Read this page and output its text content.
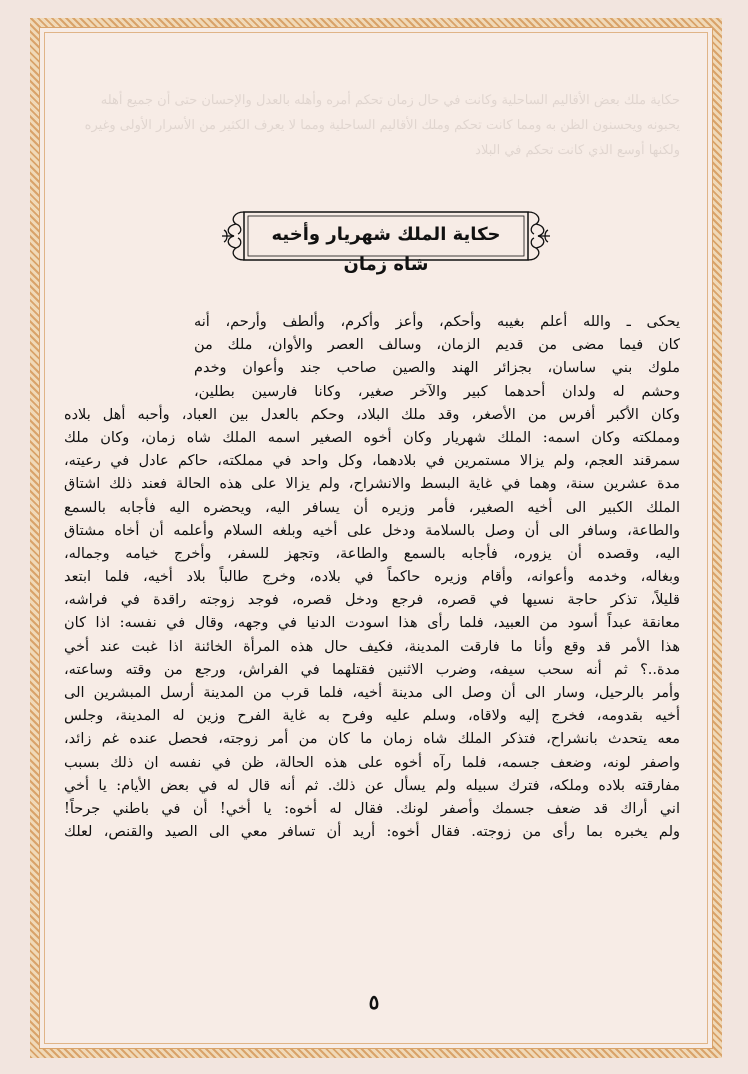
حكاية ملك بعض الأقاليم الساحلية وكانت في حال زمان تحكم أمره وأهله بالعدل والإحسان حتى أن جميع أهله يحبونه ويحسنون الظن به ومما كانت تحكم وملك الأقاليم الساحلية ومما لا يعرف الكثير من الأسرار الأولى وغيره ولكنها أوسع الذي كانت تحكم في البلاد
حكاية الملك شهريار وأخيه شاه زمان
يحكى ـ والله أعلم بغيبه وأحكم، وأعز وأكرم، وألطف وأرحم، أنه
كان فيما مضى من قديم الزمان، وسالف العصر والأوان، ملك من
ملوك بني ساسان، بجزائر الهند والصين صاحب جند وأعوان وخدم
وحشم له ولدان أحدهما كبير والآخر صغير، وكانا فارسين بطلين،
وكان الأكبر أفرس من الأصغر، وقد ملك البلاد، وحكم بالعدل بين العباد، وأحبه أهل بلاده
ومملكته وكان اسمه: الملك شهريار وكان أخوه الصغير اسمه الملك شاه زمان، وكان ملك
سمرقند العجم، ولم يزالا مستمرين في بلادهما، وكل واحد في مملكته، حاكم عادل في رعيته،
مدة عشرين سنة، وهما في غاية البسط والانشراح، ولم يزالا على هذه الحالة فعند ذلك اشتاق
الملك الكبير الى أخيه الصغير، فأمر وزيره أن يسافر اليه، ويحضره اليه فأجابه بالسمع
والطاعة، وسافر الى أن وصل بالسلامة ودخل على أخيه وبلغه السلام وأعلمه أن أخاه مشتاق
اليه، وقصده أن يزوره، فأجابه بالسمع والطاعة، وتجهز للسفر، وأخرج خيامه وجماله،
وبغاله، وخدمه وأعوانه، وأقام وزيره حاكماً في بلاده، وخرج طالباً بلاد أخيه، فلما ابتعد
قليلاً، تذكر حاجة نسيها في قصره، فرجع ودخل قصره، فوجد زوجته راقدة في فراشه،
معانقة عبداً أسود من العبيد، فلما رأى هذا اسودت الدنيا في وجهه، وقال في نفسه: اذا كان
هذا الأمر قد وقع وأنا ما فارقت المدينة، فكيف حال هذه المرأة الخائنة اذا غبت عند أخي
مدة..؟ ثم أنه سحب سيفه، وضرب الاثنين فقتلهما في الفراش، ورجع من وقته وساعته،
وأمر بالرحيل، وسار الى أن وصل الى مدينة أخيه، فلما قرب من المدينة أرسل المبشرين الى
أخيه بقدومه، فخرج إليه ولاقاه، وسلم عليه وفرح به غاية الفرح وزين له المدينة، وجلس
معه يتحدث بانشراح، فتذكر الملك شاه زمان ما كان من أمر زوجته، فحصل عنده غم زائد،
واصفر لونه، وضعف جسمه، فلما رآه أخوه على هذه الحالة، ظن في نفسه ان ذلك بسبب
مفارقته بلاده وملكه، فترك سبيله ولم يسأل عن ذلك. ثم أنه قال له في بعض الأيام: يا أخي
اني أراك قد ضعف جسمك وأصفر لونك. فقال له أخوه: يا أخي! أن في باطني جرحاً!
ولم يخبره بما رأى من زوجته. فقال أخوه: أريد أن تسافر معي الى الصيد والقنص، لعلك
٥
